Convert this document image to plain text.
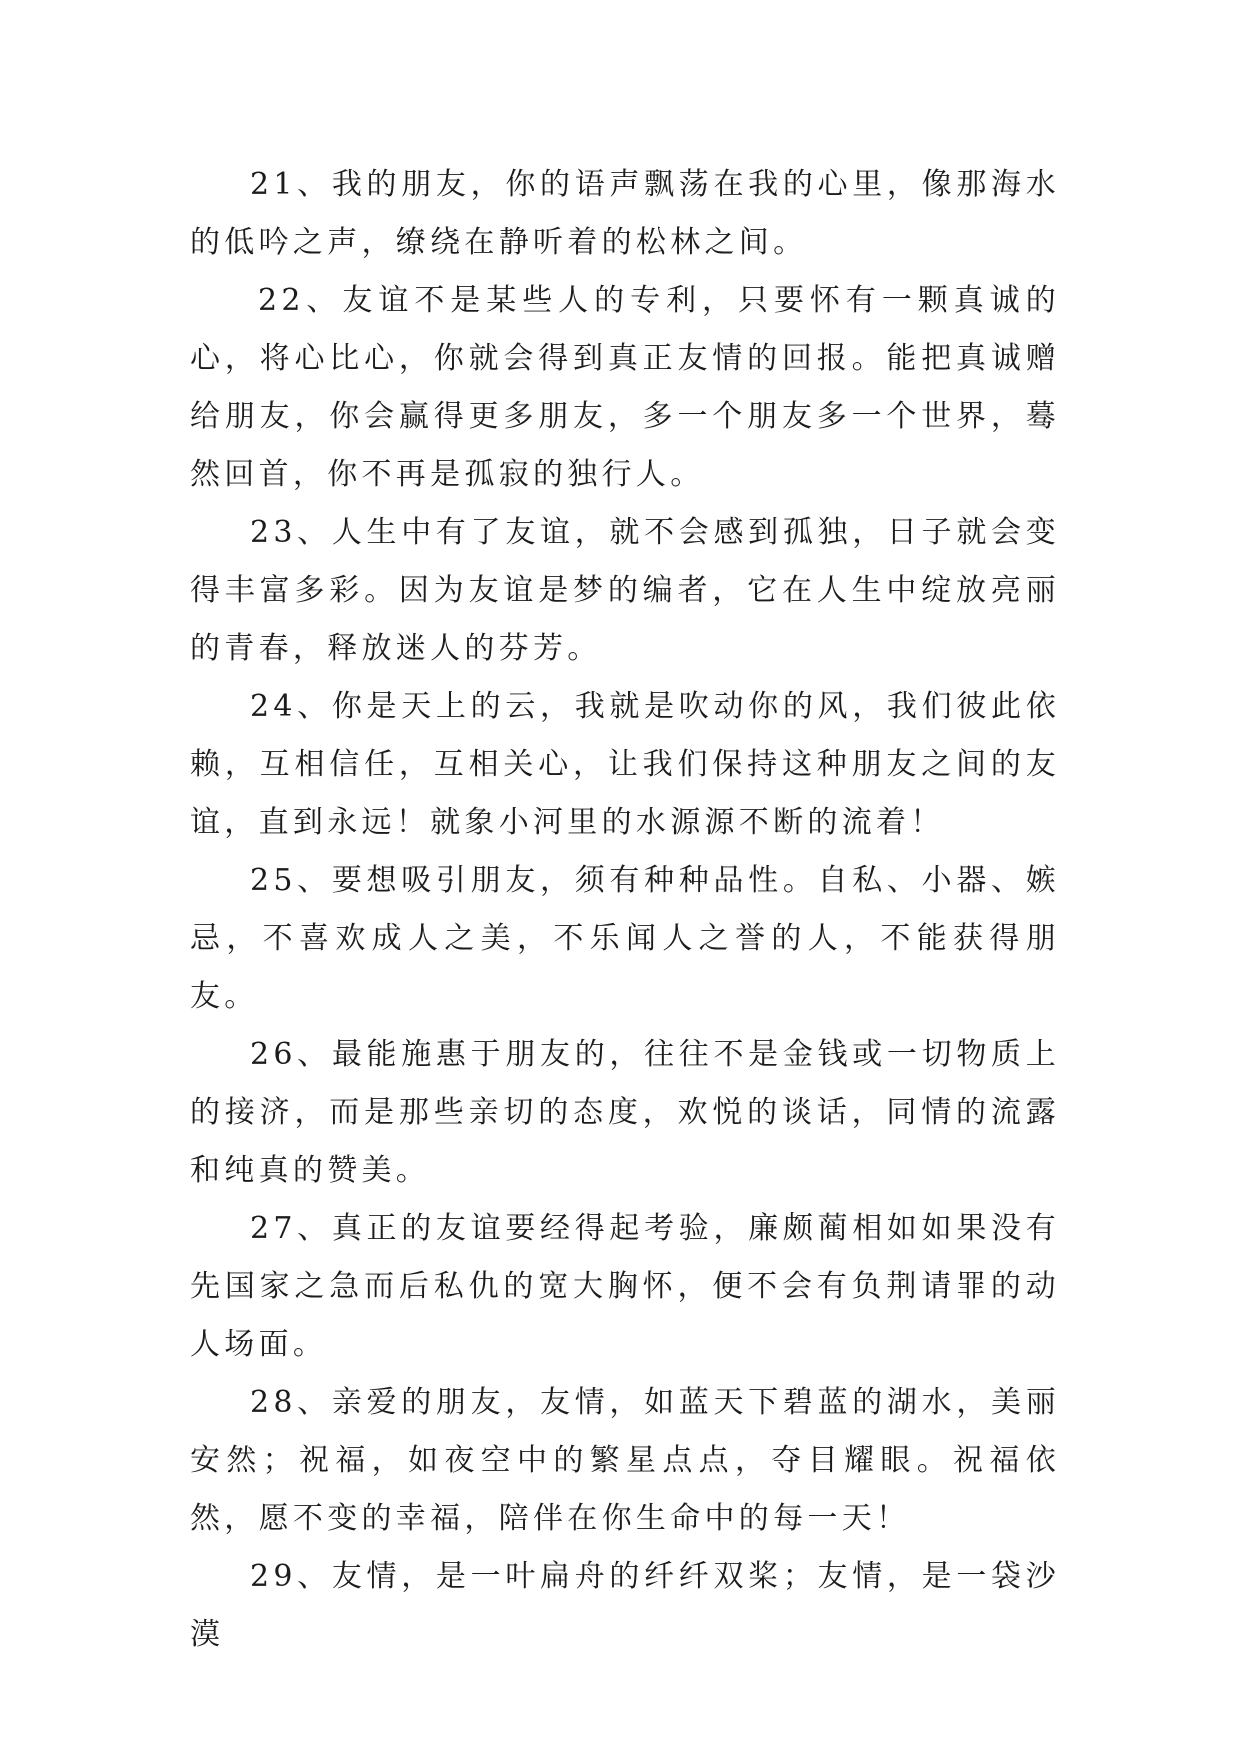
21、我的朋友，你的语声飘荡在我的心里，像那海水的低吟之声，缭绕在静听着的松林之间。

22、友谊不是某些人的专利，只要怀有一颗真诚的心，将心比心，你就会得到真正友情的回报。能把真诚赠给朋友，你会赢得更多朋友，多一个朋友多一个世界，蓦然回首，你不再是孤寂的独行人。

23、人生中有了友谊，就不会感到孤独，日子就会变得丰富多彩。因为友谊是梦的编者，它在人生中绽放亮丽的青春，释放迷人的芬芳。

24、你是天上的云，我就是吹动你的风，我们彼此依赖，互相信任，互相关心，让我们保持这种朋友之间的友谊，直到永远！就象小河里的水源源不断的流着！

25、要想吸引朋友，须有种种品性。自私、小器、嫉忌，不喜欢成人之美，不乐闻人之誉的人，不能获得朋友。

26、最能施惠于朋友的，往往不是金钱或一切物质上的接济，而是那些亲切的态度，欢悦的谈话，同情的流露和纯真的赞美。

27、真正的友谊要经得起考验，廉颇蔺相如如果没有先国家之急而后私仇的宽大胸怀，便不会有负荆请罪的动人场面。

28、亲爱的朋友，友情，如蓝天下碧蓝的湖水，美丽安然；祝福，如夜空中的繁星点点，夺目耀眼。祝福依然，愿不变的幸福，陪伴在你生命中的每一天！

29、友情，是一叶扁舟的纤纤双桨；友情，是一袋沙漠
